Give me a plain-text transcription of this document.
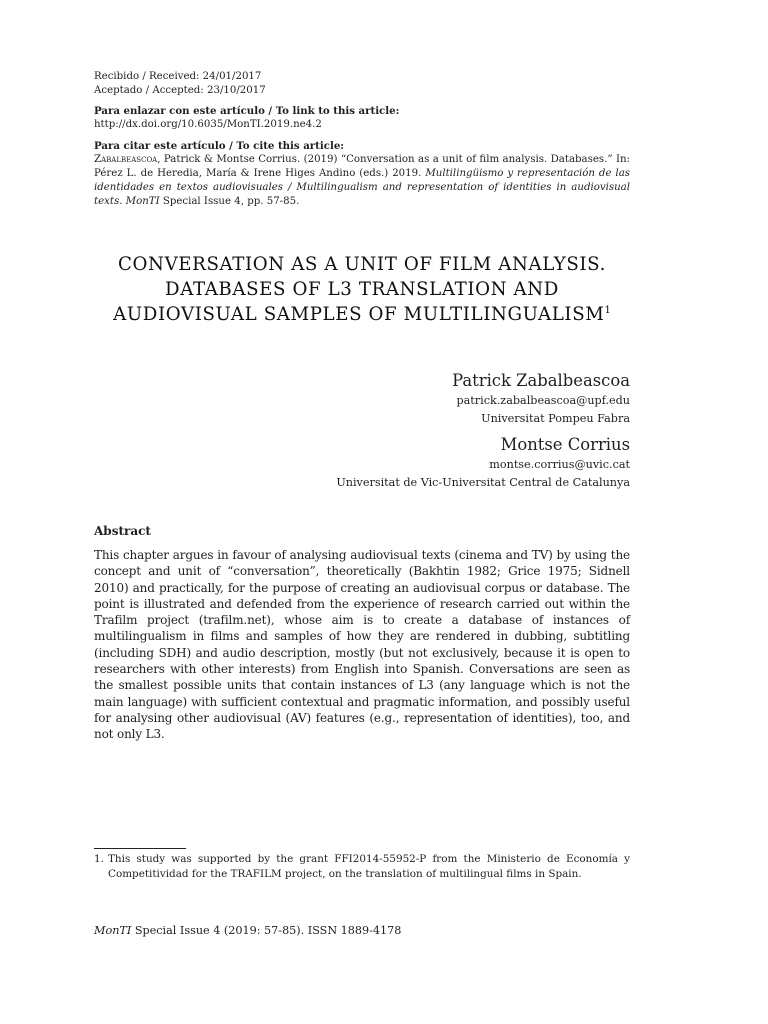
Recibido / Received: 24/01/2017

Aceptado / Accepted: 23/10/2017

Para enlazar con este artículo / To link to this article:

http://dx.doi.org/10.6035/MonTI.2019.ne4.2

Para citar este artículo / To cite this article:

Zabalbeascoa, Patrick & Montse Corrius. (2019) “Conversation as a unit of film analysis. Databases.” In: Pérez L. de Heredia, María & Irene Higes Andino (eds.) 2019. Multilingüismo y representación de las identidades en textos audiovisuales / Multilingualism and representation of identities in audiovisual texts. MonTI Special Issue 4, pp. 57-85.

CONVERSATION AS A UNIT OF FILM ANALYSIS.
DATABASES OF L3 TRANSLATION AND
AUDIOVISUAL SAMPLES OF MULTILINGUALISM$^1$

Patrick Zabalbeascoa

patrick.zabalbeascoa@upf.edu

Universitat Pompeu Fabra

Montse Corrius

montse.corrius@uvic.cat

Universitat de Vic-Universitat Central de Catalunya

Abstract

This chapter argues in favour of analysing audiovisual texts (cinema and TV) by using the concept and unit of “conversation”, theoretically (Bakhtin 1982; Grice 1975; Sidnell 2010) and practically, for the purpose of creating an audiovisual corpus or database. The point is illustrated and defended from the experience of research carried out within the Trafilm project (trafilm.net), whose aim is to create a database of instances of multilingualism in films and samples of how they are rendered in dubbing, subtitling (including SDH) and audio description, mostly (but not exclusively, because it is open to researchers with other interests) from English into Spanish. Conversations are seen as the smallest possible units that contain instances of L3 (any language which is not the main language) with sufficient contextual and pragmatic information, and possibly useful for analysing other audiovisual (AV) features (e.g., representation of identities), too, and not only L3.

1. This study was supported by the grant FFI2014-55952-P from the Ministerio de Economía y Competitividad for the TRAFILM project, on the translation of multilingual films in Spain.

MonTI Special Issue 4 (2019: 57-85). ISSN 1889-4178
